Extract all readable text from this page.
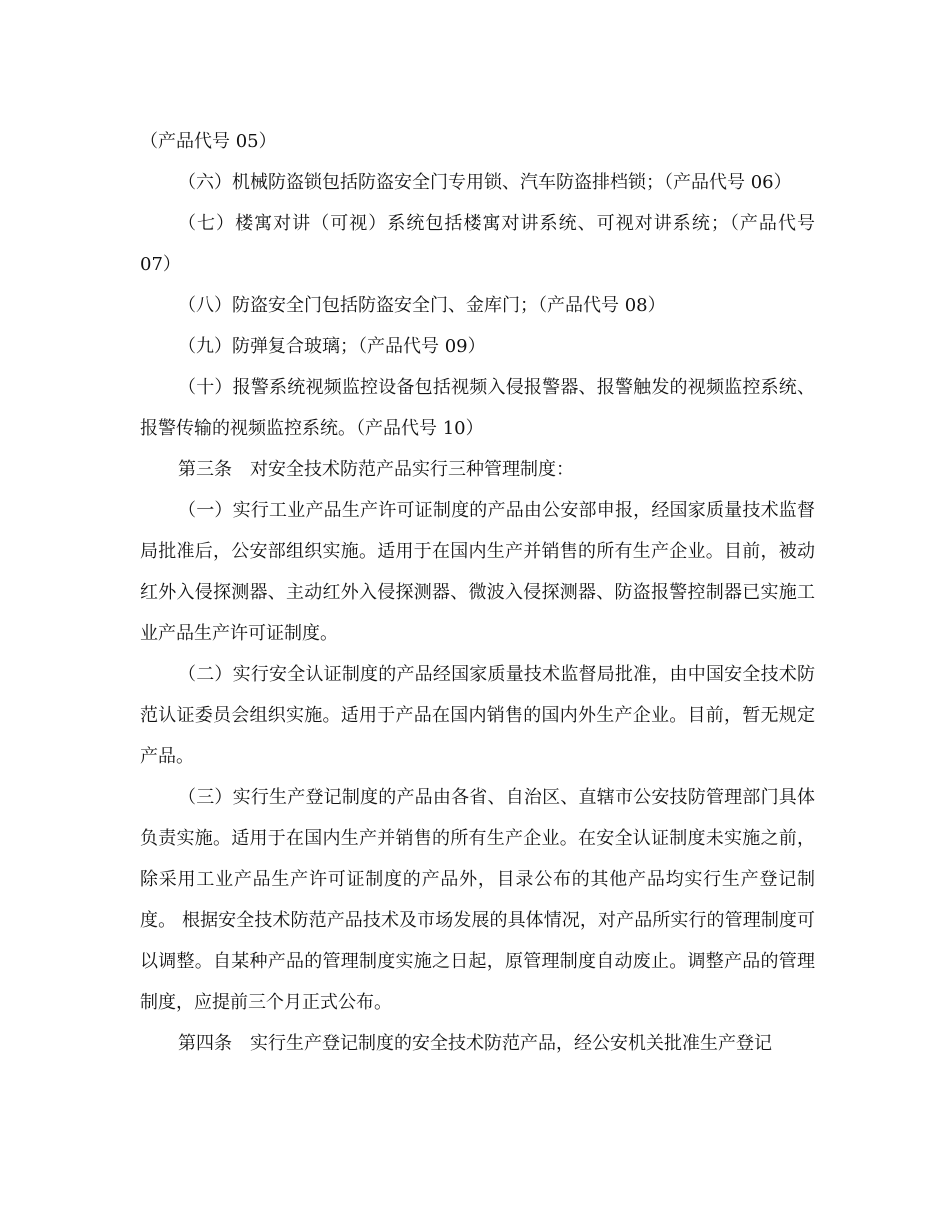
（产品代号 05）

（六）机械防盗锁包括防盗安全门专用锁、汽车防盗排档锁；（产品代号 06）

（七）楼寓对讲（可视）系统包括楼寓对讲系统、可视对讲系统；（产品代号 07）

（八）防盗安全门包括防盗安全门、金库门；（产品代号 08）

（九）防弹复合玻璃；（产品代号 09）

（十）报警系统视频监控设备包括视频入侵报警器、报警触发的视频监控系统、报警传输的视频监控系统。（产品代号 10）

第三条　对安全技术防范产品实行三种管理制度：

（一）实行工业产品生产许可证制度的产品由公安部申报，经国家质量技术监督局批准后，公安部组织实施。适用于在国内生产并销售的所有生产企业。目前，被动红外入侵探测器、主动红外入侵探测器、微波入侵探测器、防盗报警控制器已实施工业产品生产许可证制度。

（二）实行安全认证制度的产品经国家质量技术监督局批准，由中国安全技术防范认证委员会组织实施。适用于产品在国内销售的国内外生产企业。目前，暂无规定产品。

（三）实行生产登记制度的产品由各省、自治区、直辖市公安技防管理部门具体负责实施。适用于在国内生产并销售的所有生产企业。在安全认证制度未实施之前，除采用工业产品生产许可证制度的产品外，目录公布的其他产品均实行生产登记制度。 根据安全技术防范产品技术及市场发展的具体情况，对产品所实行的管理制度可以调整。自某种产品的管理制度实施之日起，原管理制度自动废止。调整产品的管理制度，应提前三个月正式公布。

第四条　实行生产登记制度的安全技术防范产品，经公安机关批准生产登记
